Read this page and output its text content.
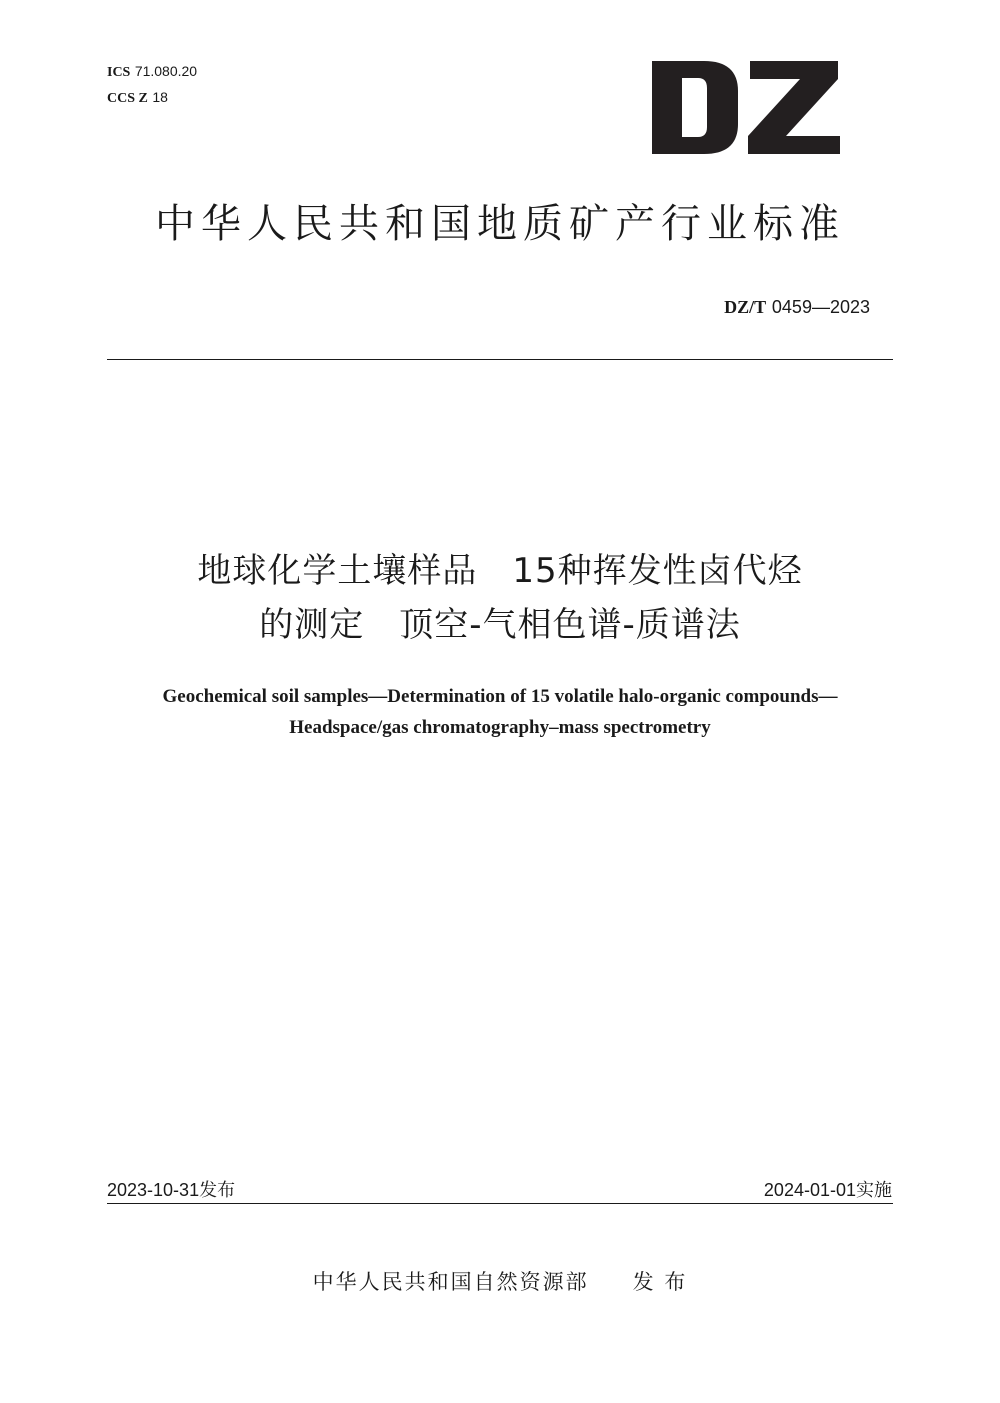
ICS 71.080.20
CCS Z 18
中华人民共和国地质矿产行业标准
DZ/T 0459—2023
地球化学土壤样品　15种挥发性卤代烃
的测定　顶空-气相色谱-质谱法
Geochemical soil samples—Determination of 15 volatile halo-organic compounds—
Headspace/gas chromatography–mass spectrometry
2023-10-31发布	2024-01-01实施
中华人民共和国自然资源部 发 布
